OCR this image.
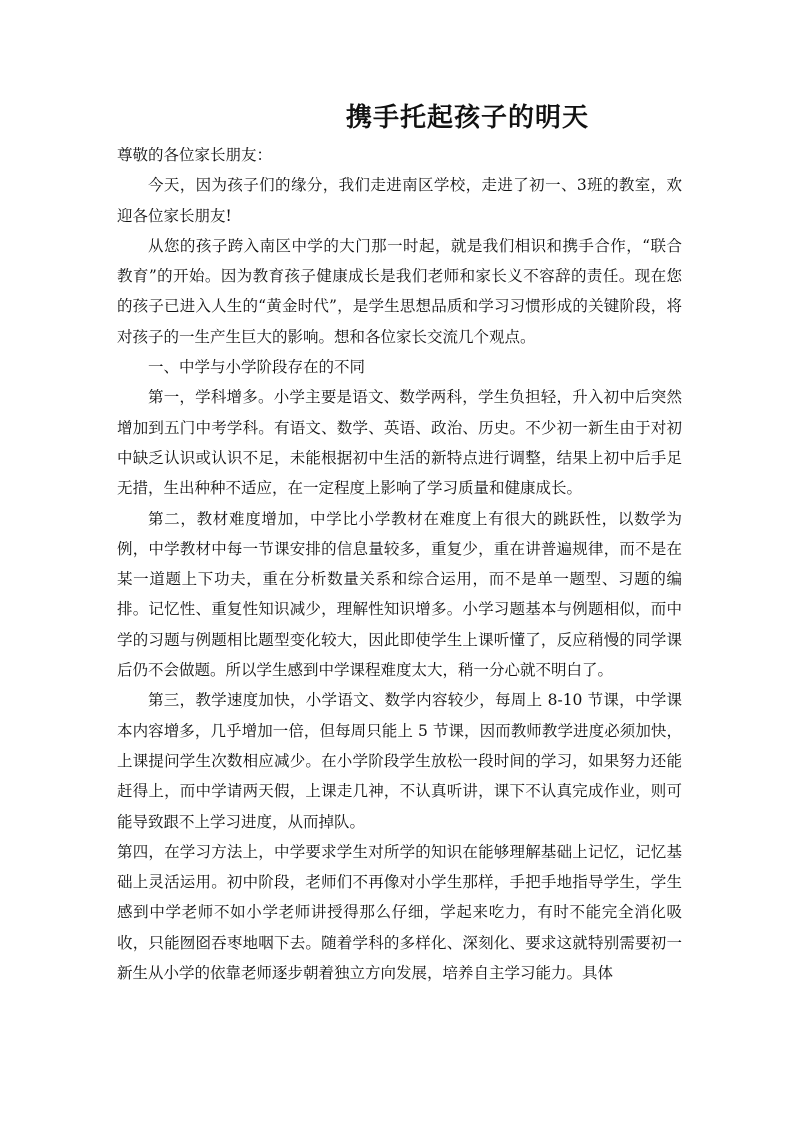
携手托起孩子的明天

尊敬的各位家长朋友：

今天，因为孩子们的缘分，我们走进南区学校，走进了初一、3班的教室，欢迎各位家长朋友!

从您的孩子跨入南区中学的大门那一时起，就是我们相识和携手合作，“联合教育”的开始。因为教育孩子健康成长是我们老师和家长义不容辞的责任。现在您的孩子已进入人生的“黄金时代”，是学生思想品质和学习习惯形成的关键阶段，将对孩子的一生产生巨大的影响。想和各位家长交流几个观点。

一、中学与小学阶段存在的不同

第一，学科增多。小学主要是语文、数学两科，学生负担轻，升入初中后突然增加到五门中考学科。有语文、数学、英语、政治、历史。不少初一新生由于对初中缺乏认识或认识不足，未能根据初中生活的新特点进行调整，结果上初中后手足无措，生出种种不适应，在一定程度上影响了学习质量和健康成长。

第二，教材难度增加，中学比小学教材在难度上有很大的跳跃性，以数学为例，中学教材中每一节课安排的信息量较多，重复少，重在讲普遍规律，而不是在某一道题上下功夫，重在分析数量关系和综合运用，而不是单一题型、习题的编排。记忆性、重复性知识减少，理解性知识增多。小学习题基本与例题相似，而中学的习题与例题相比题型变化较大，因此即使学生上课听懂了，反应稍慢的同学课后仍不会做题。所以学生感到中学课程难度太大，稍一分心就不明白了。

第三，教学速度加快，小学语文、数学内容较少，每周上 8-10 节课，中学课本内容增多，几乎增加一倍，但每周只能上 5 节课，因而教师教学进度必须加快，上课提问学生次数相应减少。在小学阶段学生放松一段时间的学习，如果努力还能赶得上，而中学请两天假，上课走几神，不认真听讲，课下不认真完成作业，则可能导致跟不上学习进度，从而掉队。

第四，在学习方法上，中学要求学生对所学的知识在能够理解基础上记忆，记忆基础上灵活运用。初中阶段，老师们不再像对小学生那样，手把手地指导学生，学生感到中学老师不如小学老师讲授得那么仔细，学起来吃力，有时不能完全消化吸收，只能囫囵吞枣地咽下去。随着学科的多样化、深刻化、要求这就特别需要初一新生从小学的依靠老师逐步朝着独立方向发展，培养自主学习能力。具体
